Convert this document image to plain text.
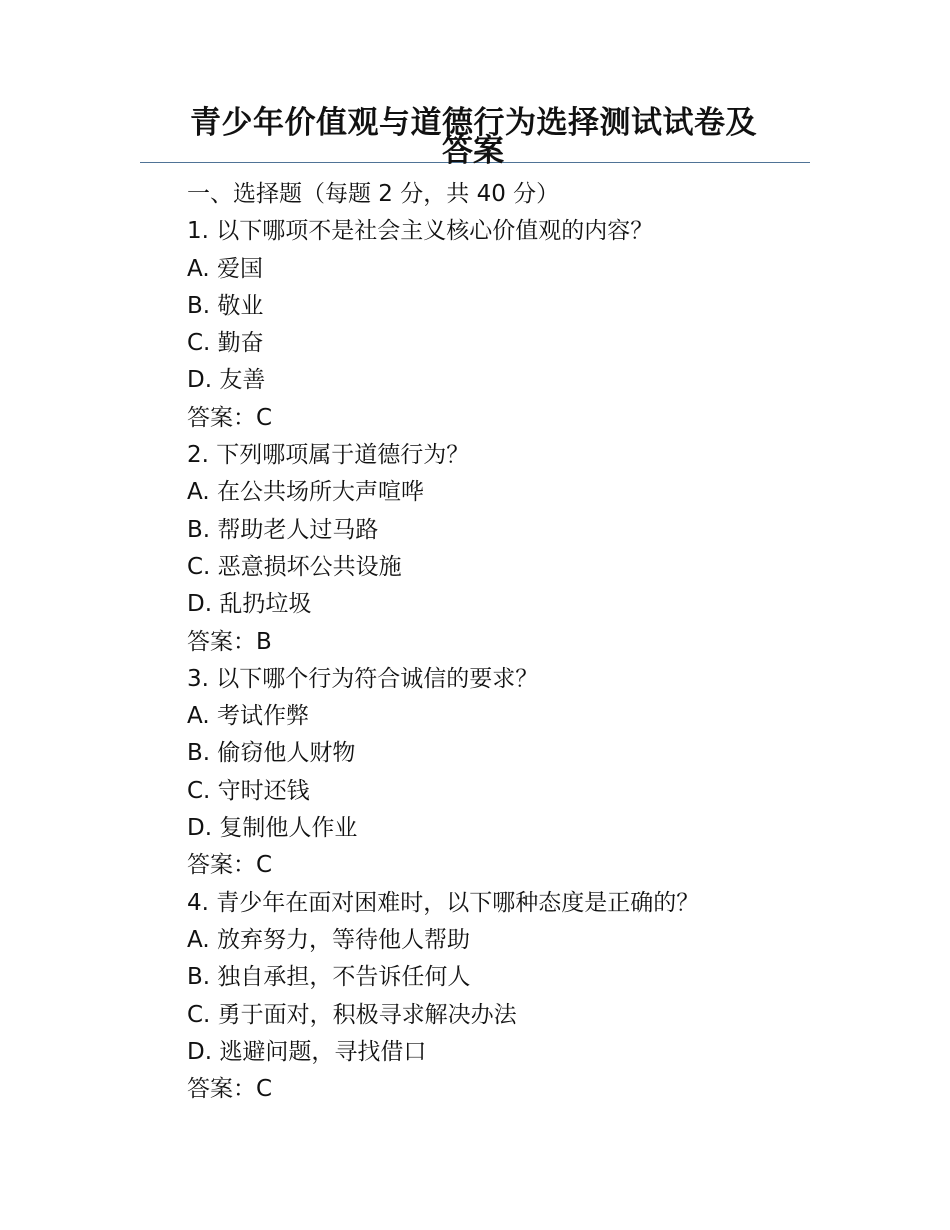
青少年价值观与道德行为选择测试试卷及
答案
一、选择题（每题 2 分，共 40 分）
1. 以下哪项不是社会主义核心价值观的内容？
A. 爱国
B. 敬业
C. 勤奋
D. 友善
答案：C
2. 下列哪项属于道德行为？
A. 在公共场所大声喧哗
B. 帮助老人过马路
C. 恶意损坏公共设施
D. 乱扔垃圾
答案：B
3. 以下哪个行为符合诚信的要求？
A. 考试作弊
B. 偷窃他人财物
C. 守时还钱
D. 复制他人作业
答案：C
4. 青少年在面对困难时，以下哪种态度是正确的？
A. 放弃努力，等待他人帮助
B. 独自承担，不告诉任何人
C. 勇于面对，积极寻求解决办法
D. 逃避问题，寻找借口
答案：C
